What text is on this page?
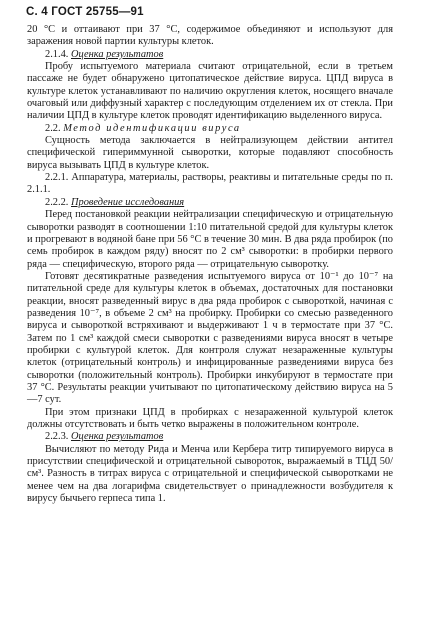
С. 4 ГОСТ 25755—91

20 °C и оттаивают при 37 °C, содержимое объединяют и используют для заражения новой партии культуры клеток.

2.1.4. Оценка результатов

Пробу испытуемого материала считают отрицательной, если в третьем пассаже не будет обнаружено цитопатическое действие вируса. ЦПД вируса в культуре клеток устанавливают по наличию округления клеток, носящего вначале очаговый или диффузный характер с последующим отделением их от стекла. При наличии ЦПД в культуре клеток проводят идентификацию выделенного вируса.

2.2. Метод идентификации вируса

Сущность метода заключается в нейтрализующем действии антител специфической гипериммунной сыворотки, которые подавляют способность вируса вызывать ЦПД в культуре клеток.

2.2.1. Аппаратура, материалы, растворы, реактивы и питательные среды по п. 2.1.1.

2.2.2. Проведение исследования

Перед постановкой реакции нейтрализации специфическую и отрицательную сыворотки разводят в соотношении 1:10 питательной средой для культуры клеток и прогревают в водяной бане при 56 °C в течение 30 мин. В два ряда пробирок (по семь пробирок в каждом ряду) вносят по 2 см³ сыворотки: в пробирки первого ряда — специфическую, второго ряда — отрицательную сыворотку.

Готовят десятикратные разведения испытуемого вируса от 10⁻¹ до 10⁻⁷ на питательной среде для культуры клеток в объемах, достаточных для постановки реакции, вносят разведенный вирус в два ряда пробирок с сывороткой, начиная с разведения 10⁻⁷, в объеме 2 см³ на пробирку. Пробирки со смесью разведенного вируса и сывороткой встряхивают и выдерживают 1 ч в термостате при 37 °C. Затем по 1 см³ каждой смеси сыворотки с разведениями вируса вносят в четыре пробирки с культурой клеток. Для контроля служат незараженные культуры клеток (отрицательный контроль) и инфицированные разведениями вируса без сыворотки (положительный контроль). Пробирки инкубируют в термостате при 37 °C. Результаты реакции учитывают по цитопатическому действию вируса на 5—7 сут.

При этом признаки ЦПД в пробирках с незараженной культурой клеток должны отсутствовать и быть четко выражены в положительном контроле.

2.2.3. Оценка результатов

Вычисляют по методу Рида и Менча или Кербера титр типируемого вируса в присутствии специфической и отрицательной сывороток, выражаемый в ТЦД 50/см³. Разность в титрах вируса с отрицательной и специфической сыворотками не менее чем на два логарифма свидетельствует о принадлежности возбудителя к вирусу бычьего герпеса типа 1.
